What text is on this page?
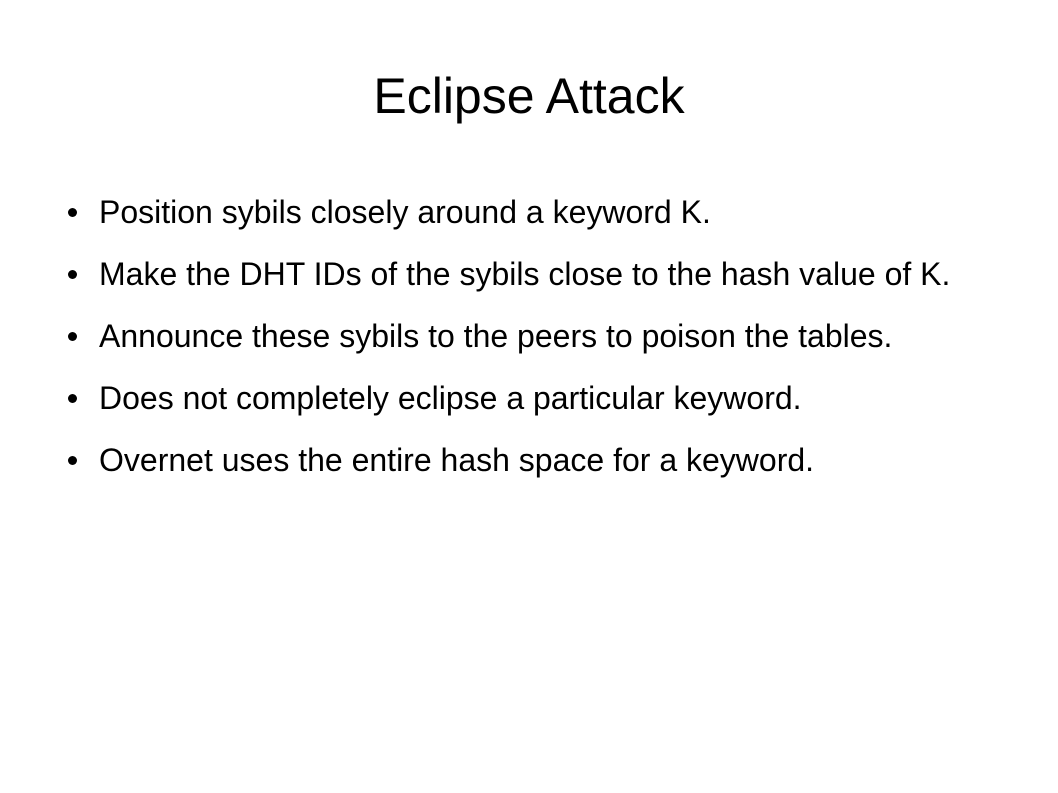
Eclipse Attack
Position sybils closely around a keyword K.
Make the DHT IDs of the sybils close to the hash value of K.
Announce these sybils to the peers to poison the tables.
Does not completely eclipse a particular keyword.
Overnet uses the entire hash space for a keyword.
